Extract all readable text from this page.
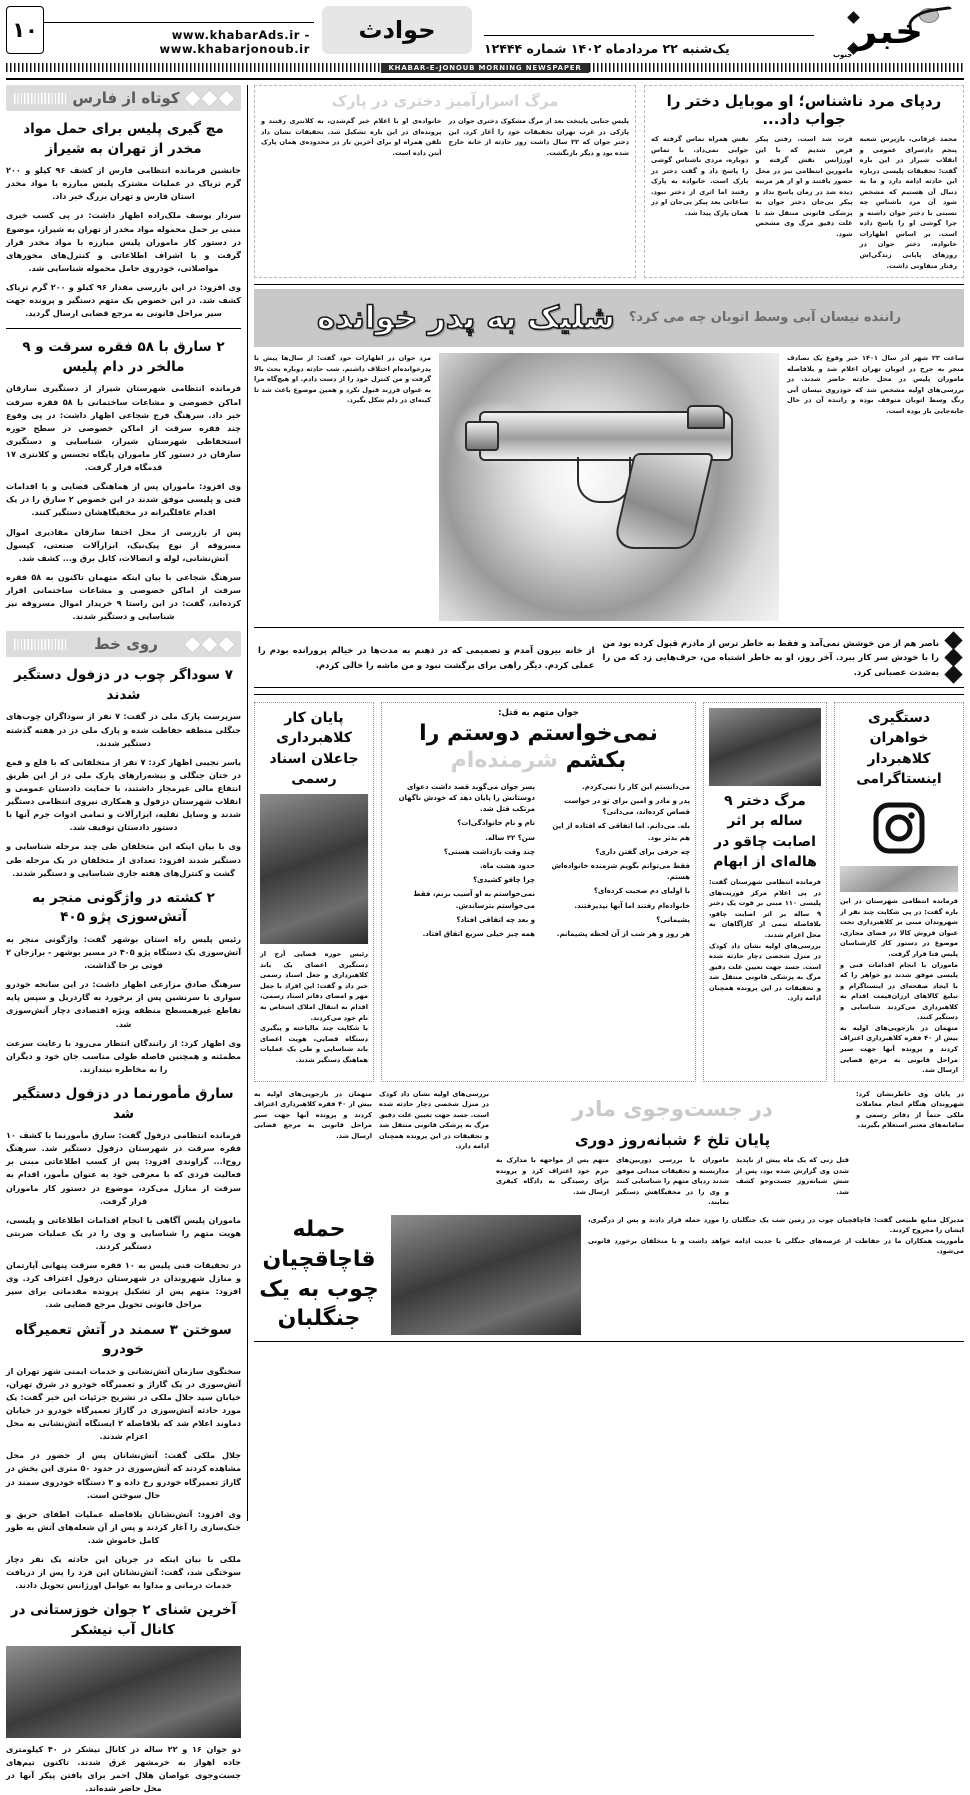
خبر
جنوب
یک‌شنبه ۲۲ مردادماه ۱۴۰۲ شماره ۱۲۴۴۴
حوادث
www.khabarAds.ir - www.khabarjonoub.ir
۱۰
KHABAR-E-JONOUB MORNING NEWSPAPER
ردپای مرد ناشناس؛ او موبایل دختر را جواب داد...
محمد عرفانی، بازپرس شعبه پنجم دادسرای عمومی و انقلاب شیراز در این باره گفت: تحقیقات پلیسی درباره این حادثه ادامه دارد و ما به دنبال آن هستیم که مشخص شود آن مرد ناشناس چه نسبتی با دختر جوان داشته و چرا گوشی او را پاسخ داده است. بر اساس اظهارات خانواده، دختر جوان در روزهای پایانی زندگی‌اش رفتار متفاوتی داشت.
قرت شد است. رفتی پیکر فرض شدیم که با این اورژانس نقش گرفته و مامورین انتظامی نیز در محل حضور یافتند و او از هر مرتبه دیده شد در زمان پاسخ نداد و پیکر بی‌جان دختر جوان به پزشکی قانونی منتقل شد تا علت دقیق مرگ وی مشخص شود.
نقش همراه تماس گرفته که جوابی نمی‌داد. با تماس دوباره، مردی ناشناس گوشی را پاسخ داد و گفت دختر در پارک است. خانواده به پارک رفتند اما اثری از دختر نبود. ساعاتی بعد پیکر بی‌جان او در همان پارک پیدا شد.
مرگ اسرارآمیز دختری در پارک
پلیس جنایی پایتخت بعد از مرگ مشکوک دختری جوان در پارکی در غرب تهران تحقیقات خود را آغاز کرد. این دختر جوان که ۲۲ سال داشت روز حادثه از خانه خارج شده بود و دیگر بازنگشت.
خانواده‌ی او با اعلام خبر گم‌شدن، به کلانتری رفتند و پرونده‌ای در این باره تشکیل شد. تحقیقات نشان داد تلفن همراه او برای آخرین بار در محدوده‌ی همان پارک آنتن داده است.
راننده نیسان آبی وسط اتوبان چه می کرد؟
شلیک به پدر خوانده
ساعت ۲۳ شهر آذر سال ۱۴۰۱ خبر وقوع یک تصادف منجر به جرح در اتوبان تهران اعلام شد و بلافاصله ماموران پلیس در محل حادثه حاضر شدند. در بررسی‌های اولیه مشخص شد که خودروی نیسان آبی رنگ وسط اتوبان متوقف بوده و راننده آن در حال جابه‌جایی بار بوده است.
مرد جوان در اظهارات خود گفت: از سال‌ها پیش با پدرخوانده‌ام اختلاف داشتم. شب حادثه دوباره بحث بالا گرفت و من کنترل خود را از دست دادم. او هیچ‌گاه مرا به عنوان فرزند قبول نکرد و همین موضوع باعث شد تا کینه‌ای در دلم شکل بگیرد.
ناصر هم از من خوشش نمی‌آمد و فقط به خاطر ترس از مادرم قبول کرده بود من را با خودش سر کار ببرد. آخر روز، او به خاطر اشتباه من، حرف‌هایی زد که من را به‌شدت عصبانی کرد.
از خانه بیرون آمدم و تصمیمی که در ذهنم به مدت‌ها در خیالم پرورانده بودم را عملی کردم. دیگر راهی برای برگشت نبود و من ماشه را خالی کردم.
دستگیری خواهران کلاهبردار اینستاگرامی
فرمانده انتظامی شهرستان در این باره گفت: در پی شکایت چند نفر از شهروندان مبنی بر کلاهبرداری تحت عنوان فروش کالا در فضای مجازی، موضوع در دستور کار کارشناسان پلیس فتا قرار گرفت.
ماموران با انجام اقدامات فنی و پلیسی موفق شدند دو خواهر را که با ایجاد صفحه‌ای در اینستاگرام و تبلیغ کالاهای ارزان‌قیمت اقدام به کلاهبرداری می‌کردند شناسایی و دستگیر کنند.
متهمان در بازجویی‌های اولیه به بیش از ۴۰ فقره کلاهبرداری اعتراف کردند و پرونده آنها جهت سیر مراحل قانونی به مرجع قضایی ارسال شد.
مرگ دختر ۹ ساله بر اثر اصابت چاقو در هاله‌ای از ابهام
فرمانده انتظامی شهرستان گفت: در پی اعلام مرکز فوریت‌های پلیسی ۱۱۰ مبنی بر فوت یک دختر ۹ ساله بر اثر اصابت چاقو، بلافاصله تیمی از کارآگاهان به محل اعزام شدند.
بررسی‌های اولیه نشان داد کودک در منزل شخصی دچار حادثه شده است. جسد جهت تعیین علت دقیق مرگ به پزشکی قانونی منتقل شد و تحقیقات در این پرونده همچنان ادامه دارد.
جوان متهم به قتل:
نمی‌خواستم دوستم را بکشم شرمنده‌ام
می‌دانستم این کار را نمی‌کردم.
پدر و مادر و امین برای تو در خواست قصاص کرده‌اند، می‌دانی؟
بله. می‌دانم. اما اتفاقی که افتاده از این هم بدتر بود.
چه حرفی برای گفتن داری؟
فقط می‌توانم بگویم شرمنده خانواده‌اش هستم.
با اولیای دم صحبت کرده‌ای؟
خانواده‌ام رفتند اما آنها نپذیرفتند.
پشیمانی؟
هر روز و هر شب از آن لحظه پشیمانم.
پسر جوان می‌گوید قصد داشت دعوای دوستانش را پایان دهد که خودش ناگهان مرتکب قتل شد.
نام و نام خانوادگی‌ات؟
سن؟ ۲۲ ساله.
چند وقت بازداشت هستی؟
حدود هشت ماه.
چرا چاقو کشیدی؟
نمی‌خواستم به او آسیب بزنم، فقط می‌خواستم بترساندش.
و بعد چه اتفاقی افتاد؟
همه چیز خیلی سریع اتفاق افتاد.
پایان کار کلاهبرداری جاعلان اسناد رسمی
رئیس حوزه قضایی آرج از دستگیری اعضای یک باند کلاهبرداری و جعل اسناد رسمی خبر داد و گفت: این افراد با جعل مهر و امضای دفاتر اسناد رسمی، اقدام به انتقال املاک اشخاص به نام خود می‌کردند.
با شکایت چند مالباخته و پیگیری دستگاه قضایی، هویت اعضای باند شناسایی و طی یک عملیات هماهنگ دستگیر شدند.
در پایان وی خاطرنشان کرد: شهروندان هنگام انجام معاملات ملکی حتماً از دفاتر رسمی و سامانه‌های معتبر استعلام بگیرند.
در جست‌وجوی مادر
پایان تلخ ۶ شبانه‌روز دوری
قتل زنی که یک ماه پیش از ناپدید شدن وی گزارش شده بود، پس از شش شبانه‌روز جست‌وجو کشف شد.
ماموران با بررسی دوربین‌های مداربسته و تحقیقات میدانی موفق شدند ردپای متهم را شناسایی کنند و وی را در مخفیگاهش دستگیر نمایند.
متهم پس از مواجهه با مدارک به جرم خود اعتراف کرد و پرونده برای رسیدگی به دادگاه کیفری ارسال شد.
بررسی‌های اولیه نشان داد کودک در منزل شخصی دچار حادثه شده است. جسد جهت تعیین علت دقیق مرگ به پزشکی قانونی منتقل شد و تحقیقات در این پرونده همچنان ادامه دارد.
متهمان در بازجویی‌های اولیه به بیش از ۴۰ فقره کلاهبرداری اعتراف کردند و پرونده آنها جهت سیر مراحل قانونی به مرجع قضایی ارسال شد.
مدیرکل منابع طبیعی گفت: قاچاقچیان چوب در زمین شب یک جنگلبان را مورد حمله قرار دادند و پس از درگیری، ایشان را مجروح کردند.
مأموریت همکاران ما در حفاظت از عرصه‌های جنگلی با جدیت ادامه خواهد داشت و با متخلفان برخورد قانونی می‌شود.
حمله قاچاقچیان چوب به یک جنگلبان
کوتاه از فارس
مچ گیری پلیس برای حمل مواد مخدر از تهران به شیراز
جانشین فرمانده انتظامی فارس از کشف ۹۶ کیلو و ۲۰۰ گرم تریاک در عملیات مشترک پلیس مبارزه با مواد مخدر استان فارس و تهران بزرگ خبر داد.
سردار یوسف ملک‌زاده اظهار داشت: در پی کسب خبری مبنی بر حمل محموله مواد مخدر از تهران به شیراز، موضوع در دستور کار ماموران پلیس مبارزه با مواد مخدر قرار گرفت و با اشراف اطلاعاتی و کنترل‌های محورهای مواصلاتی، خودروی حامل محموله شناسایی شد.
وی افزود: در این بازرسی مقدار ۹۶ کیلو و ۲۰۰ گرم تریاک کشف شد. در این خصوص یک متهم دستگیر و پرونده جهت سیر مراحل قانونی به مرجع قضایی ارسال گردید.
۲ سارق با ۵۸ فقره سرقت و ۹ مالخر در دام پلیس
فرمانده انتظامی شهرستان شیراز از دستگیری سارقان اماکن خصوصی و مشاعات ساختمانی با ۵۸ فقره سرقت خبر داد. سرهنگ فرج شجاعی اظهار داشت: در پی وقوع چند فقره سرقت از اماکن خصوصی در سطح حوزه استحفاظی شهرستان شیراز، شناسایی و دستگیری سارقان در دستور کار ماموران پایگاه تجسس و کلانتری ۱۷ قدمگاه قرار گرفت.
وی افزود: ماموران پس از هماهنگی قضایی و با اقدامات فنی و پلیسی موفق شدند در این خصوص ۲ سارق را در یک اقدام غافلگیرانه در مخفیگاهشان دستگیر کنند.
پس از بازرسی از محل اختفا سارقان مقادیری اموال مسروقه از نوع پیک‌نیک، ابزارآلات صنعتی، کپسول آتش‌نشانی، لوله و اتصالات، کابل برق و... کشف شد.
سرهنگ شجاعی با بیان اینکه متهمان تاکنون به ۵۸ فقره سرقت از اماکن خصوصی و مشاعات ساختمانی اقرار کرده‌اند، گفت: در این راستا ۹ خریدار اموال مسروقه نیز شناسایی و دستگیر شدند.
روی خط
۷ سوداگر چوب در دزفول دستگیر شدند
سرپرست پارک ملی دز گفت: ۷ نفر از سوداگران چوب‌های جنگلی منطقه حفاظت شده و پارک ملی دز در هفته گذشته دستگیر شدند.
یاسر نجیبی اظهار کرد: ۷ نفر از متخلفانی که با قلع و قمع در ختان جنگلی و بیشه‌زارهای پارک ملی دز از این طریق انتفاع مالی غیرمجاز داشتند، با حمایت دادستان عمومی و انقلاب شهرستان دزفول و همکاری نیروی انتظامی دستگیر شدند و وسایل نقلیه، ابزارآلات و تمامی ادوات جرم آنها با دستور دادستان توقیف شد.
وی با بیان اینکه این متخلفان طی چند مرحله شناسایی و دستگیر شدند افزود: تعدادی از متخلفان در یک مرحله طی گشت و کنترل‌های هفته جاری شناسایی و دستگیر شدند.
۲ کشته در واژگونی منجر به آتش‌سوزی پژو ۴۰۵
رئیس پلیس راه استان بوشهر گفت: واژگونی منجر به آتش‌سوزی یک دستگاه پژو ۴۰۵ در مسیر بوشهر - برازجان ۲ فوتی بر جا گذاشت.
سرهنگ صادق مزارعی اظهار داشت: در این سانحه خودرو سواری با سرنشین پس از برخورد به گاردریل و سپس پایه تقاطع غیرهمسطح منطقه ویژه اقتصادی دچار آتش‌سوزی شد.
وی اظهار کرد: از رانندگان انتظار می‌رود با رعایت سرعت مطمئنه و همچنین فاصله طولی مناسب جان خود و دیگران را به مخاطره نیندازند.
سارق مأمورنما در دزفول دستگیر شد
فرمانده انتظامی دزفول گفت: سارق مأمورنما با کشف ۱۰ فقره سرقت در شهرستان دزفول دستگیر شد. سرهنگ روح‌ا... گراوندی افزود: پس از کسب اطلاعاتی مبنی بر فعالیت فردی که با معرفی خود به عنوان مأمور، اقدام به سرقت از منازل می‌کرد، موضوع در دستور کار ماموران قرار گرفت.
ماموران پلیس آگاهی با انجام اقدامات اطلاعاتی و پلیسی، هویت متهم را شناسایی و وی را در یک عملیات ضربتی دستگیر کردند.
در تحقیقات فنی پلیس به ۱۰ فقره سرقت پنهانی آپارتمان و منازل شهروندان در شهرستان دزفول اعتراف کرد. وی افزود: متهم پس از تشکیل پرونده مقدماتی برای سیر مراحل قانونی تحویل مرجع قضایی شد.
سوختن ۳ سمند در آتش تعمیرگاه خودرو
سخنگوی سازمان آتش‌نشانی و خدمات ایمنی شهر تهران از آتش‌سوزی در یک گاراژ و تعمیرگاه خودرو در شرق تهران، خیابان سید جلال ملکی در تشریح جزئیات این خبر گفت: یک مورد حادثه آتش‌سوزی در گاراژ تعمیرگاه خودرو در خیابان دماوند اعلام شد که بلافاصله ۲ ایستگاه آتش‌نشانی به محل اعزام شدند.
جلال ملکی گفت: آتش‌نشانان پس از حضور در محل مشاهده کردند که آتش‌سوزی در حدود ۵۰ متری این بخش در گاراژ تعمیرگاه خودرو رخ داده و ۳ دستگاه خودروی سمند در حال سوختن است.
وی افزود: آتش‌نشانان بلافاصله عملیات اطفای حریق و خنک‌سازی را آغاز کردند و پس از آن شعله‌های آتش به طور کامل خاموش شد.
ملکی با بیان اینکه در جریان این حادثه یک نفر دچار سوختگی شد، گفت: آتش‌نشانان این فرد را پس از دریافت خدمات درمانی و مداوا به عوامل اورژانس تحویل دادند.
آخرین شنای ۲ جوان خوزستانی در کانال آب نیشکر
دو جوان ۱۶ و ۲۲ ساله در کانال نیشکر در ۴۰ کیلومتری جاده اهواز به خرمشهر غرق شدند. تاکنون تیم‌های جست‌وجوی غواصان هلال احمر برای یافتن پیکر آنها در محل حاضر شده‌اند.
